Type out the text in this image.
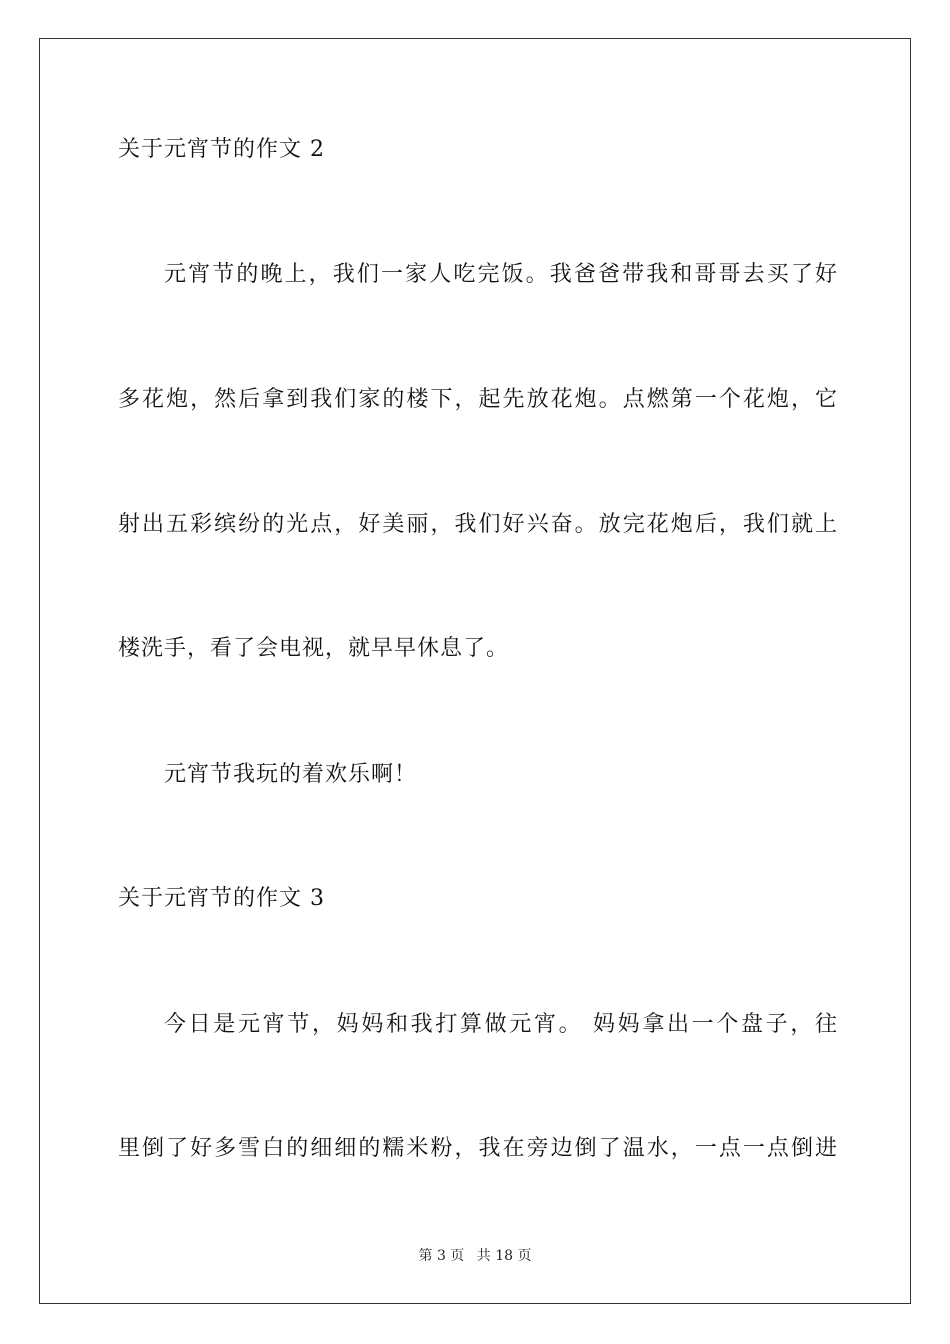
关于元宵节的作文 2
元宵节的晚上，我们一家人吃完饭。我爸爸带我和哥哥去买了好
多花炮，然后拿到我们家的楼下，起先放花炮。点燃第一个花炮，它
射出五彩缤纷的光点，好美丽，我们好兴奋。放完花炮后，我们就上
楼洗手，看了会电视，就早早休息了。
元宵节我玩的着欢乐啊！
关于元宵节的作文 3
今日是元宵节，妈妈和我打算做元宵。 妈妈拿出一个盘子，往
里倒了好多雪白的细细的糯米粉，我在旁边倒了温水，一点一点倒进
第 3 页 共 18 页
